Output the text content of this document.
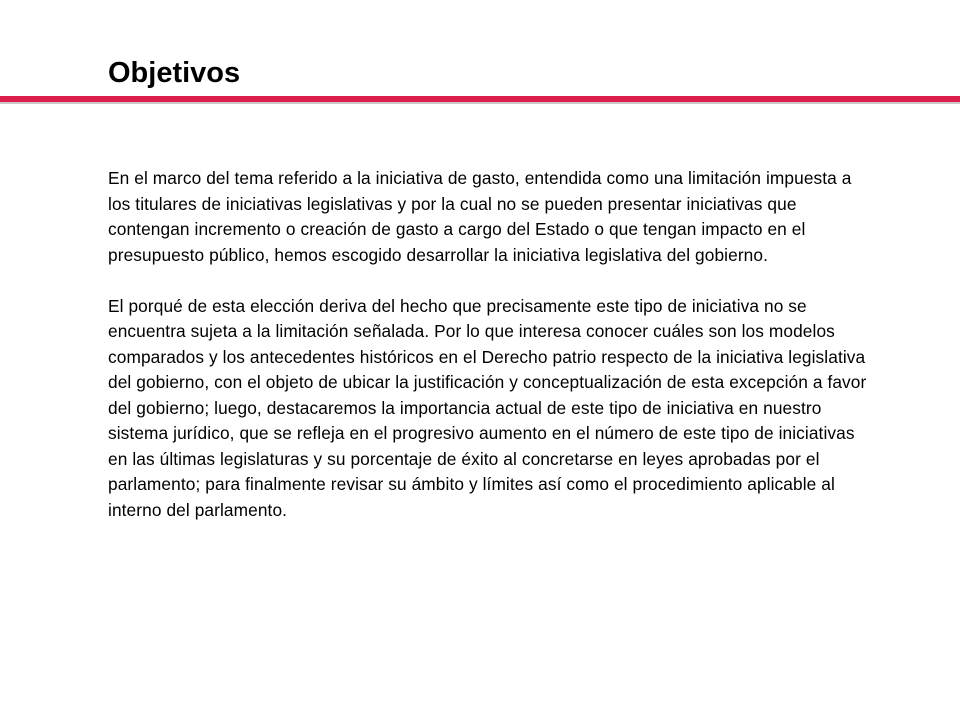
Objetivos

En el marco del tema referido a la iniciativa de gasto, entendida como una limitación impuesta a los titulares de iniciativas legislativas y por la cual no se pueden presentar iniciativas que contengan incremento o creación de gasto a cargo del Estado o que tengan impacto en el presupuesto público, hemos escogido desarrollar la iniciativa legislativa del gobierno.

El porqué de esta elección deriva del hecho que precisamente este tipo de iniciativa no se encuentra sujeta a la limitación señalada. Por lo que interesa conocer cuáles son los modelos comparados y los antecedentes históricos en el Derecho patrio respecto de la iniciativa legislativa del gobierno, con el objeto de ubicar la justificación y conceptualización de esta excepción a favor del gobierno; luego, destacaremos la importancia actual de este tipo de iniciativa en nuestro sistema jurídico, que se refleja en el progresivo aumento en el número de este tipo de iniciativas en las últimas legislaturas y su porcentaje de éxito al concretarse en leyes aprobadas por el parlamento; para finalmente revisar su ámbito y límites así como el procedimiento aplicable al interno del parlamento.
